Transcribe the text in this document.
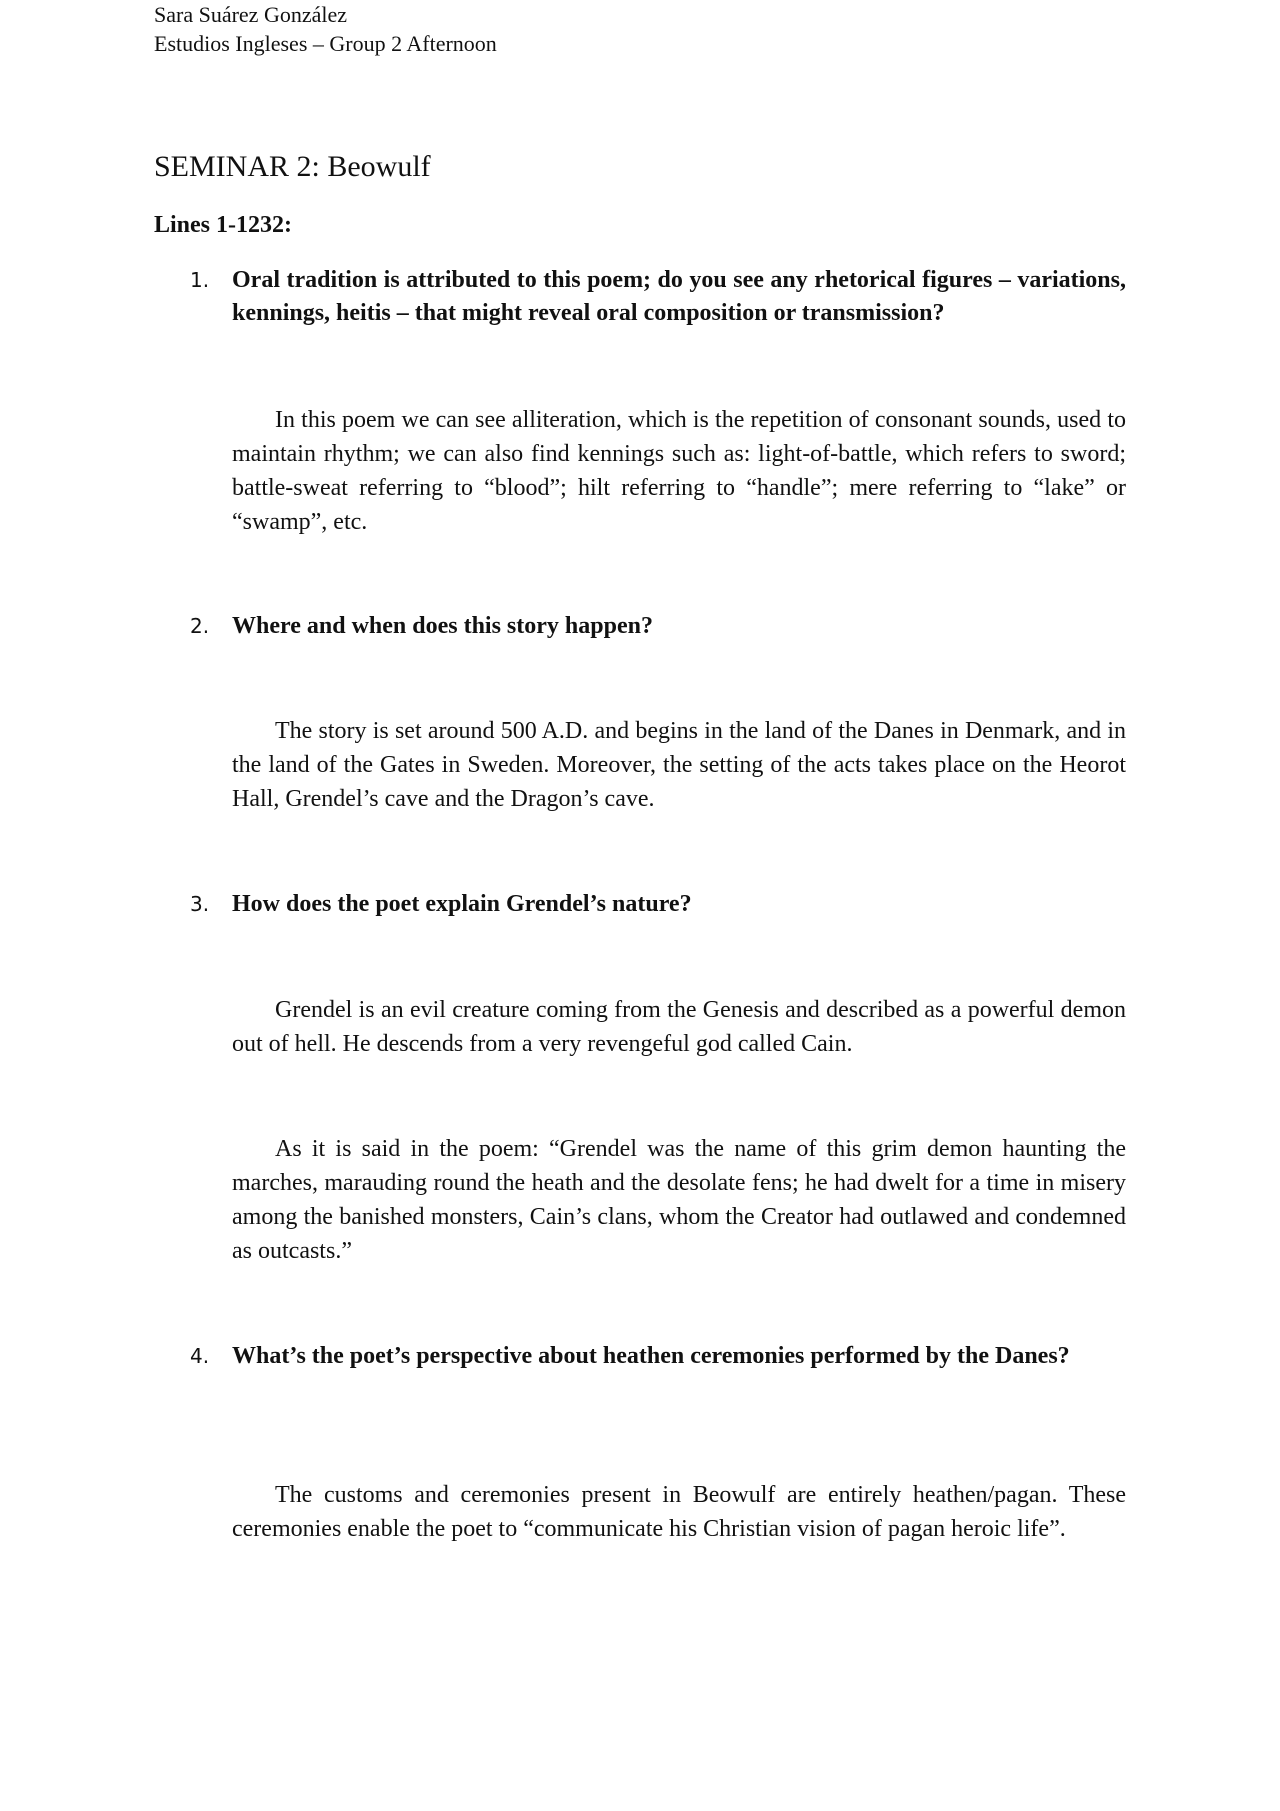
Sara Suárez González
Estudios Ingleses – Group 2 Afternoon
SEMINAR 2: Beowulf
Lines 1-1232:
1. Oral tradition is attributed to this poem; do you see any rhetorical figures – variations, kennings, heitis – that might reveal oral composition or transmission?

In this poem we can see alliteration, which is the repetition of consonant sounds, used to maintain rhythm; we can also find kennings such as: light-of-battle, which refers to sword; battle-sweat referring to “blood”; hilt referring to “handle”; mere referring to “lake” or “swamp”, etc.

2. Where and when does this story happen?

The story is set around 500 A.D. and begins in the land of the Danes in Denmark, and in the land of the Gates in Sweden. Moreover, the setting of the acts takes place on the Heorot Hall, Grendel’s cave and the Dragon’s cave.

3. How does the poet explain Grendel’s nature?

Grendel is an evil creature coming from the Genesis and described as a powerful demon out of hell. He descends from a very revengeful god called Cain.

As it is said in the poem: “Grendel was the name of this grim demon haunting the marches, marauding round the heath and the desolate fens; he had dwelt for a time in misery among the banished monsters, Cain’s clans, whom the Creator had outlawed and condemned as outcasts.”

4. What’s the poet’s perspective about heathen ceremonies performed by the Danes?

The customs and ceremonies present in Beowulf are entirely heathen/pagan. These ceremonies enable the poet to “communicate his Christian vision of pagan heroic life”.
